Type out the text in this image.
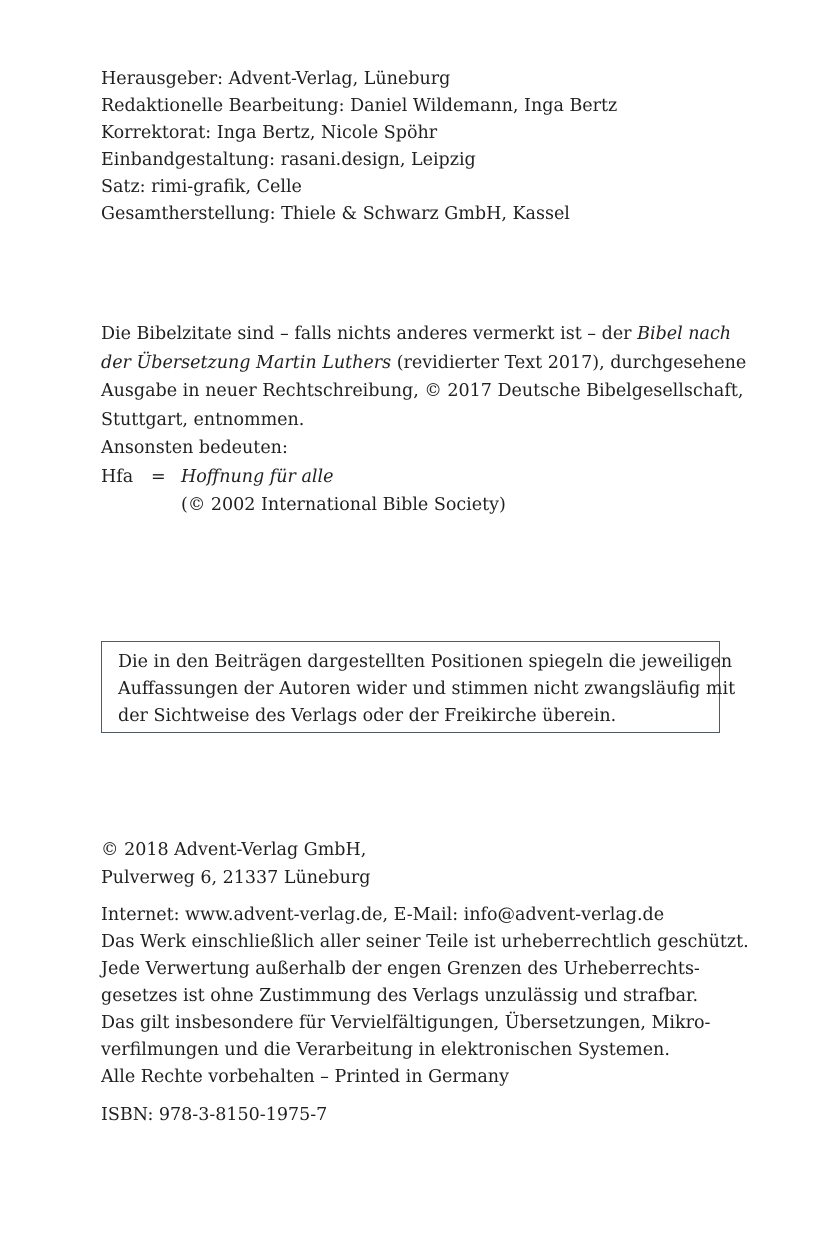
Herausgeber: Advent-Verlag, Lüneburg
Redaktionelle Bearbeitung: Daniel Wildemann, Inga Bertz
Korrektorat: Inga Bertz, Nicole Spöhr
Einbandgestaltung: rasani.design, Leipzig
Satz: rimi-grafik, Celle
Gesamtherstellung: Thiele & Schwarz GmbH, Kassel
Die Bibelzitate sind – falls nichts anderes vermerkt ist – der Bibel nach
der Übersetzung Martin Luthers (revidierter Text 2017), durchgesehene
Ausgabe in neuer Rechtschreibung, © 2017 Deutsche Bibelgesellschaft,
Stuttgart, entnommen.
Ansonsten bedeuten:
Hfa = Hoffnung für alle
(© 2002 International Bible Society)
Die in den Beiträgen dargestellten Positionen spiegeln die jeweiligen
Auffassungen der Autoren wider und stimmen nicht zwangsläufig mit
der Sichtweise des Verlags oder der Freikirche überein.
© 2018 Advent-Verlag GmbH,
Pulverweg 6, 21337 Lüneburg
Internet: www.advent-verlag.de, E-Mail: info@advent-verlag.de
Das Werk einschließlich aller seiner Teile ist urheberrechtlich geschützt.
Jede Verwertung außerhalb der engen Grenzen des Urheberrechts-
gesetzes ist ohne Zustimmung des Verlags unzulässig und strafbar.
Das gilt insbesondere für Vervielfältigungen, Übersetzungen, Mikro-
verfilmungen und die Verarbeitung in elektronischen Systemen.
Alle Rechte vorbehalten – Printed in Germany
ISBN: 978-3-8150-1975-7
